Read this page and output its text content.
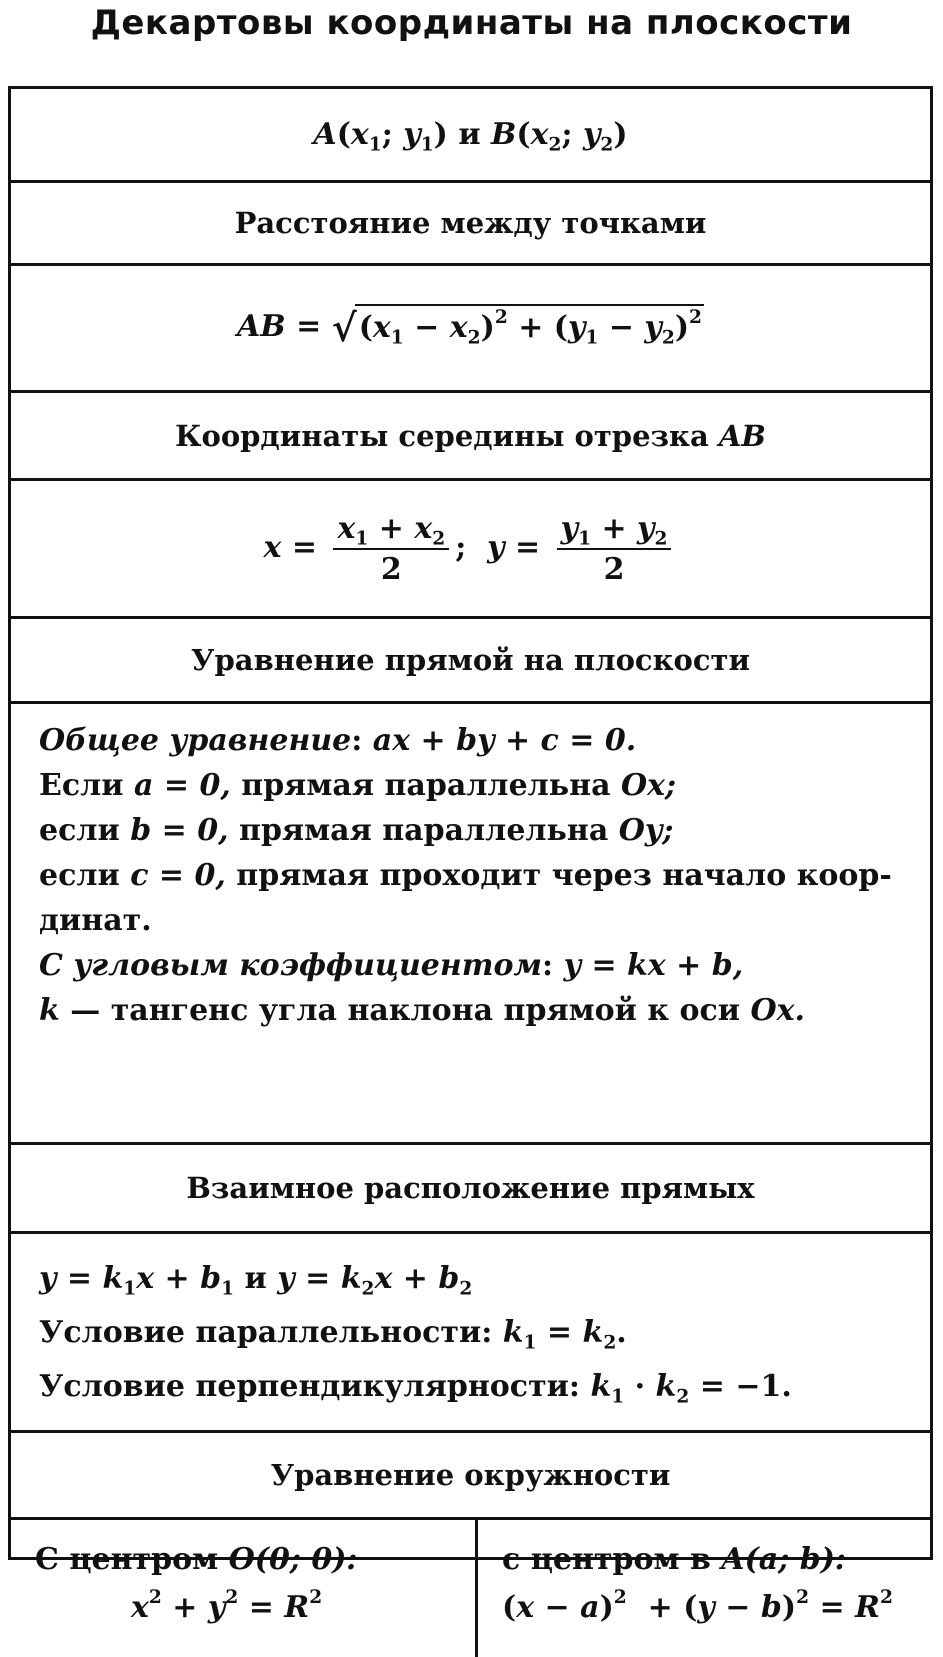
Декартовы координаты на плоскости
$A(x_1$; $y_1$) и $B(x_2$; $y_2$)
Расстояние между точками
AB = √ $(x_1 - x_2)^2 + (y_1 - y_2)^2$
Координаты середины отрезка AB
$x = \frac{x_1 + x_2}{2}$ ;  $y = \frac{y_1 + y_2}{2}$
Уравнение прямой на плоскости
Общее уравнение: ax + by + c = 0.
Если a = 0, прямая параллельна Ox;
если b = 0, прямая параллельна Oy;
если c = 0, прямая проходит через начало коор-
динат.
С угловым коэффициентом: y = kx + b,
k — тангенс угла наклона прямой к оси Ox.
Взаимное расположение прямых
$y = k_1x + b_1$ и $y = k_2x + b_2$
Условие параллельности: $k_1 = k_2$.
Условие перпендикулярности: $k_1 \cdot k_2 = -1$.
Уравнение окружности
С центром O(0; 0):
$x^2 + y^2 = R^2$
с центром в A(a; b):
$(x - a)^2 + (y - b)^2 = R^2$
